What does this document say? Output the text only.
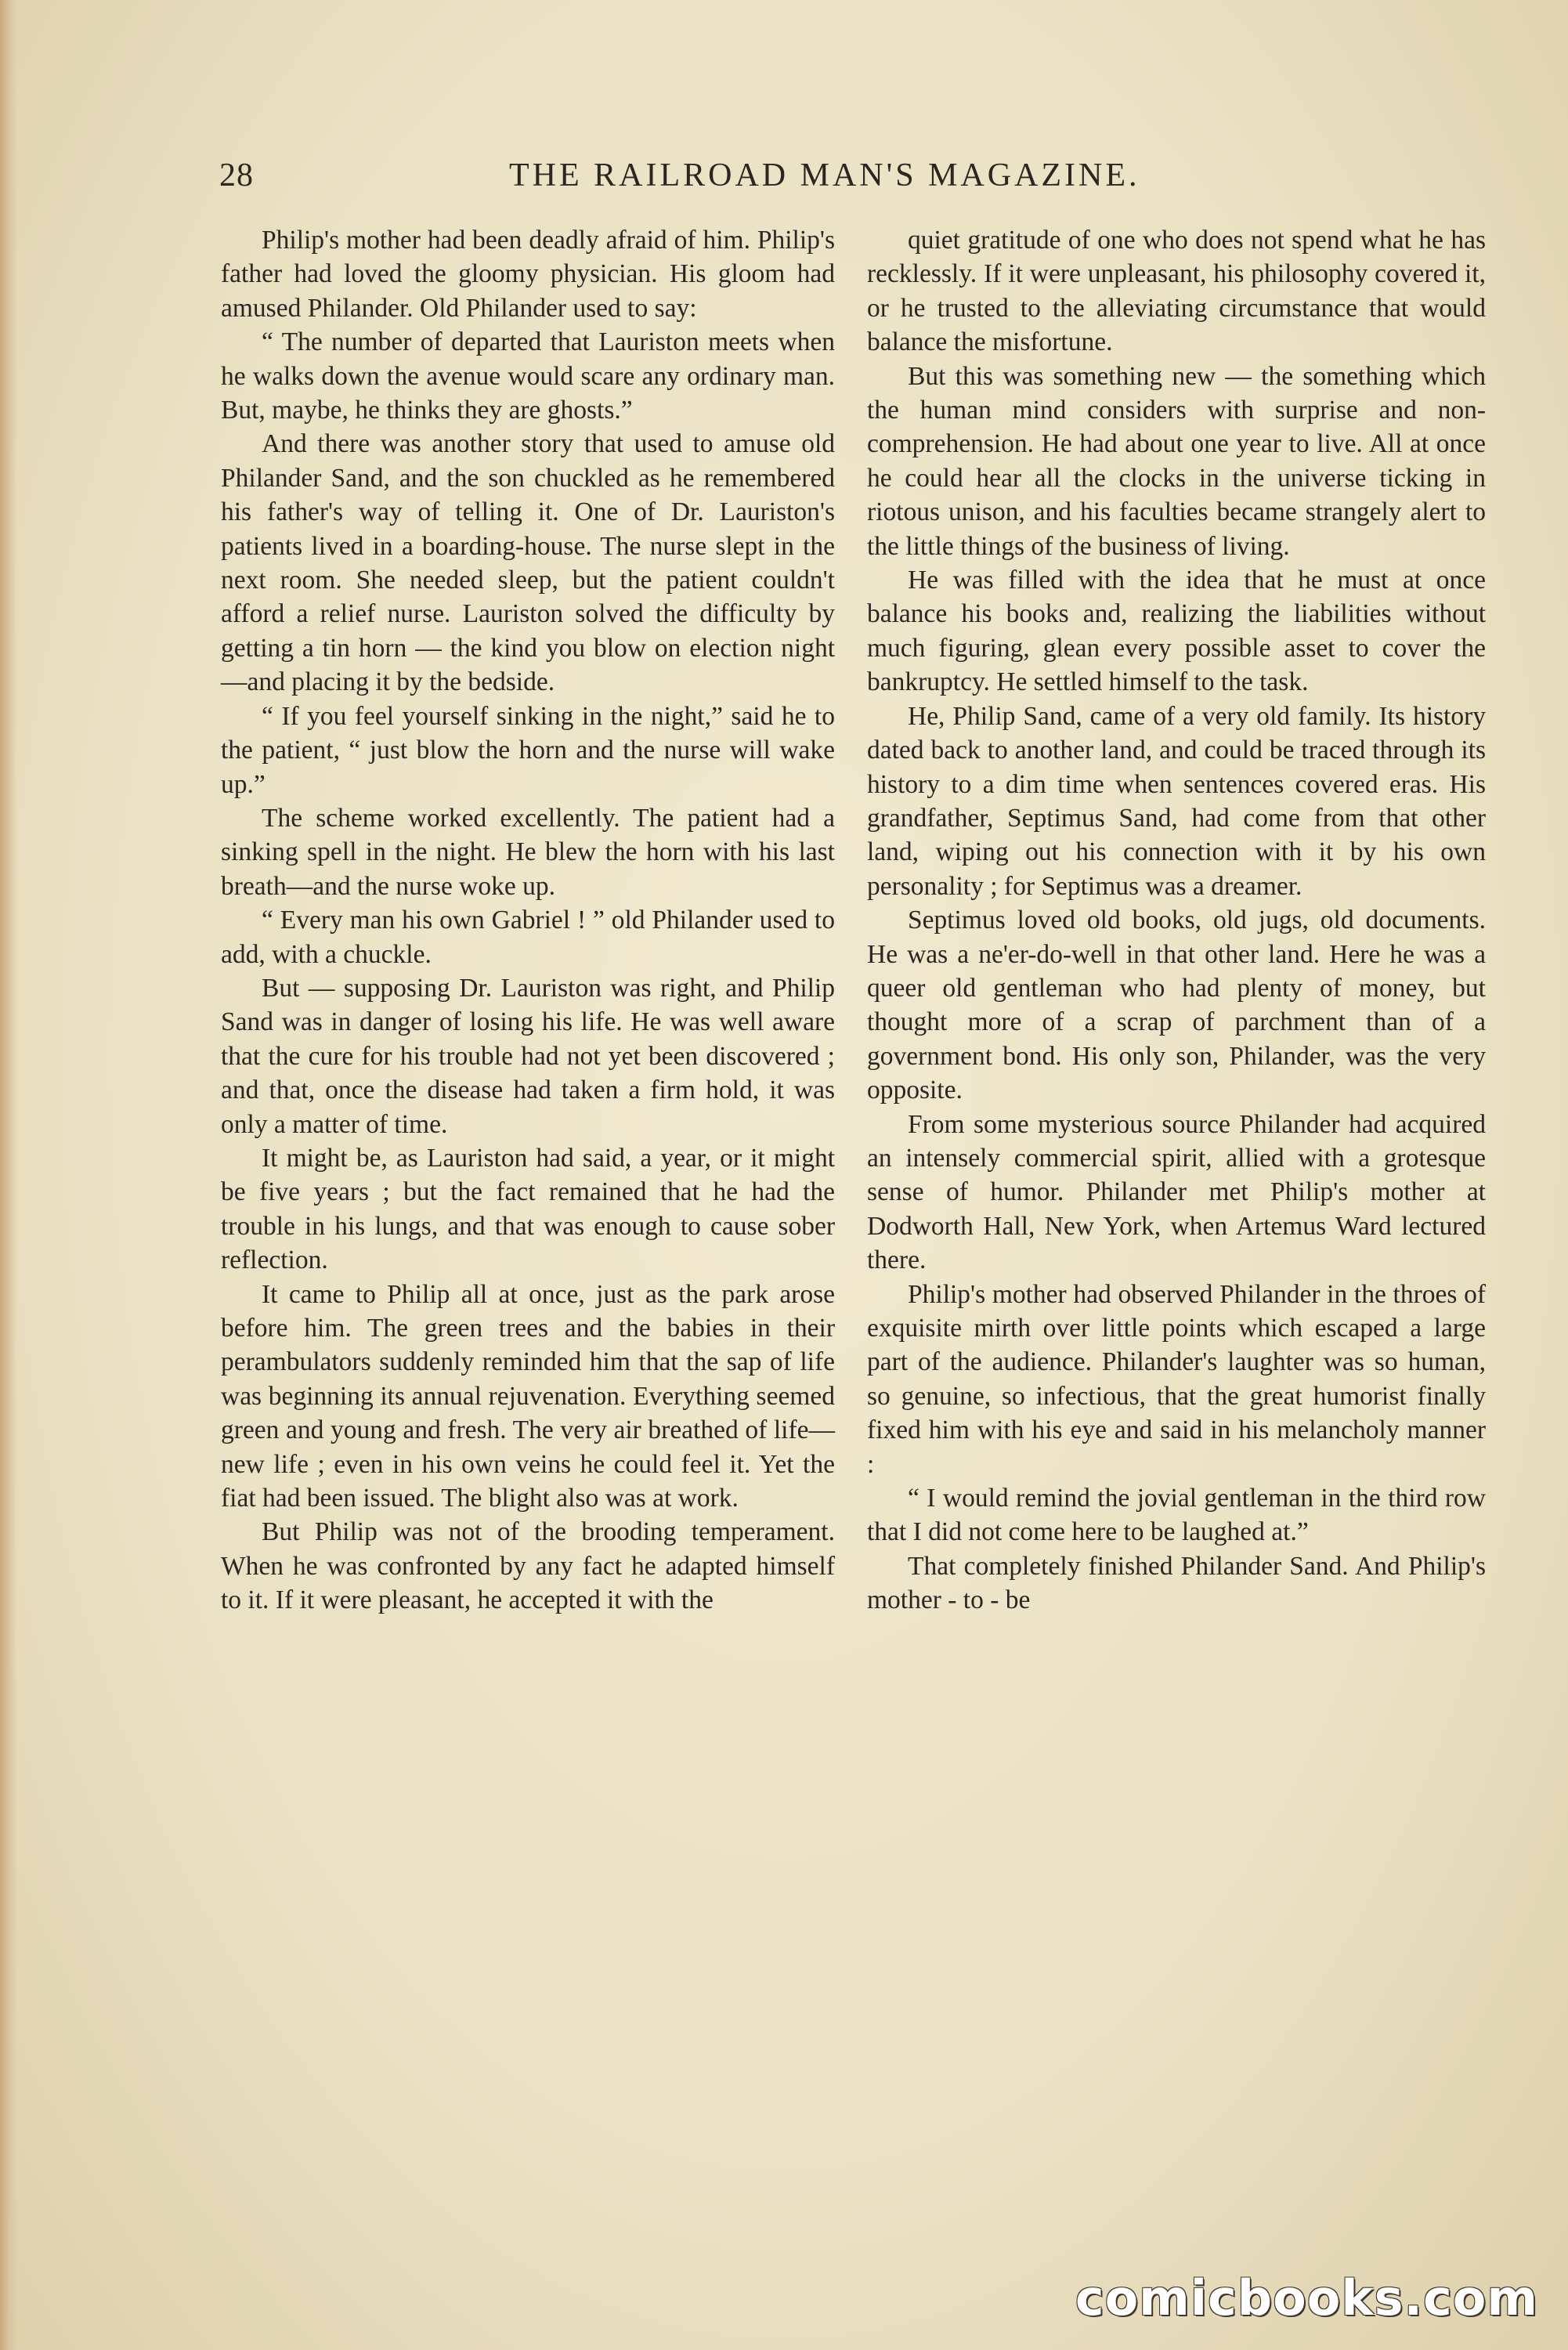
28	THE RAILROAD MAN'S MAGAZINE.

Philip's mother had been deadly afraid of him. Philip's father had loved the gloomy physician. His gloom had amused Philander. Old Philander used to say:

“ The number of departed that Lauriston meets when he walks down the avenue would scare any ordinary man. But, maybe, he thinks they are ghosts.”

And there was another story that used to amuse old Philander Sand, and the son chuckled as he remembered his father's way of telling it. One of Dr. Lauriston's patients lived in a boarding-house. The nurse slept in the next room. She needed sleep, but the patient couldn't afford a relief nurse. Lauriston solved the difficulty by getting a tin horn — the kind you blow on election night—and placing it by the bedside.

“ If you feel yourself sinking in the night,” said he to the patient, “ just blow the horn and the nurse will wake up.”

The scheme worked excellently. The patient had a sinking spell in the night. He blew the horn with his last breath—and the nurse woke up.

“ Every man his own Gabriel ! ” old Philander used to add, with a chuckle.

But — supposing Dr. Lauriston was right, and Philip Sand was in danger of losing his life. He was well aware that the cure for his trouble had not yet been discovered ; and that, once the disease had taken a firm hold, it was only a matter of time.

It might be, as Lauriston had said, a year, or it might be five years ; but the fact remained that he had the trouble in his lungs, and that was enough to cause sober reflection.

It came to Philip all at once, just as the park arose before him. The green trees and the babies in their perambulators suddenly reminded him that the sap of life was beginning its annual rejuvenation. Everything seemed green and young and fresh. The very air breathed of life—new life ; even in his own veins he could feel it. Yet the fiat had been issued. The blight also was at work.

But Philip was not of the brooding temperament. When he was confronted by any fact he adapted himself to it. If it were pleasant, he accepted it with the

quiet gratitude of one who does not spend what he has recklessly. If it were unpleasant, his philosophy covered it, or he trusted to the alleviating circumstance that would balance the misfortune.

But this was something new — the something which the human mind considers with surprise and non-comprehension. He had about one year to live. All at once he could hear all the clocks in the universe ticking in riotous unison, and his faculties became strangely alert to the little things of the business of living.

He was filled with the idea that he must at once balance his books and, realizing the liabilities without much figuring, glean every possible asset to cover the bankruptcy. He settled himself to the task.

He, Philip Sand, came of a very old family. Its history dated back to another land, and could be traced through its history to a dim time when sentences covered eras. His grandfather, Septimus Sand, had come from that other land, wiping out his connection with it by his own personality ; for Septimus was a dreamer.

Septimus loved old books, old jugs, old documents. He was a ne'er-do-well in that other land. Here he was a queer old gentleman who had plenty of money, but thought more of a scrap of parchment than of a government bond. His only son, Philander, was the very opposite.

From some mysterious source Philander had acquired an intensely commercial spirit, allied with a grotesque sense of humor. Philander met Philip's mother at Dodworth Hall, New York, when Artemus Ward lectured there.

Philip's mother had observed Philander in the throes of exquisite mirth over little points which escaped a large part of the audience. Philander's laughter was so human, so genuine, so infectious, that the great humorist finally fixed him with his eye and said in his melancholy manner :

“ I would remind the jovial gentleman in the third row that I did not come here to be laughed at.”

That completely finished Philander Sand. And Philip's mother - to - be

comicbooks.com
